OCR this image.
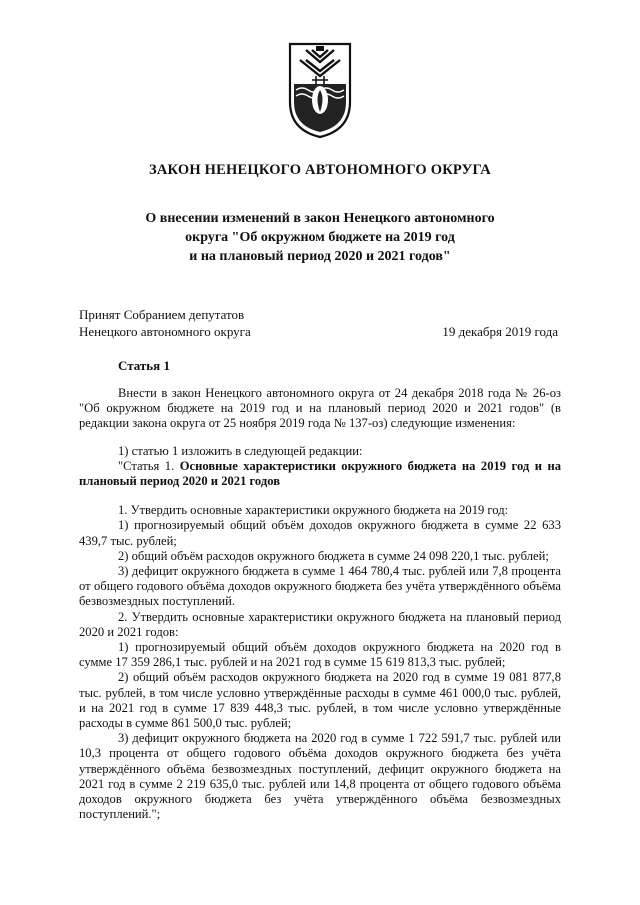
ЗАКОН НЕНЕЦКОГО АВТОНОМНОГО ОКРУГА
О внесении изменений в закон Ненецкого автономного
округа "Об окружном бюджете на 2019 год
и на плановый период 2020 и 2021 годов"
Принят Собранием депутатов
Ненецкого автономного округа	19 декабря 2019 года
Статья 1

Внести в закон Ненецкого автономного округа от 24 декабря 2018 года № 26-оз "Об окружном бюджете на 2019 год и на плановый период 2020 и 2021 годов" (в редакции закона округа от 25 ноября 2019 года № 137-оз) следующие изменения:

1) статью 1 изложить в следующей редакции:

"Статья 1. Основные характеристики окружного бюджета на 2019 год и на плановый период 2020 и 2021 годов

1. Утвердить основные характеристики окружного бюджета на 2019 год:

1) прогнозируемый общий объём доходов окружного бюджета в сумме 22 633 439,7 тыс. рублей;

2) общий объём расходов окружного бюджета в сумме 24 098 220,1 тыс. рублей;

3) дефицит окружного бюджета в сумме 1 464 780,4 тыс. рублей или 7,8 процента от общего годового объёма доходов окружного бюджета без учёта утверждённого объёма безвозмездных поступлений.

2. Утвердить основные характеристики окружного бюджета на плановый период 2020 и 2021 годов:

1) прогнозируемый общий объём доходов окружного бюджета на 2020 год в сумме 17 359 286,1 тыс. рублей и на 2021 год в сумме 15 619 813,3 тыс. рублей;

2) общий объём расходов окружного бюджета на 2020 год в сумме 19 081 877,8 тыс. рублей, в том числе условно утверждённые расходы в сумме 461 000,0 тыс. рублей, и на 2021 год в сумме 17 839 448,3 тыс. рублей, в том числе условно утверждённые расходы в сумме 861 500,0 тыс. рублей;

3) дефицит окружного бюджета на 2020 год в сумме 1 722 591,7 тыс. рублей или 10,3 процента от общего годового объёма доходов окружного бюджета без учёта утверждённого объёма безвозмездных поступлений, дефицит окружного бюджета на 2021 год в сумме 2 219 635,0 тыс. рублей или 14,8 процента от общего годового объёма доходов окружного бюджета без учёта утверждённого объёма безвозмездных поступлений.";
